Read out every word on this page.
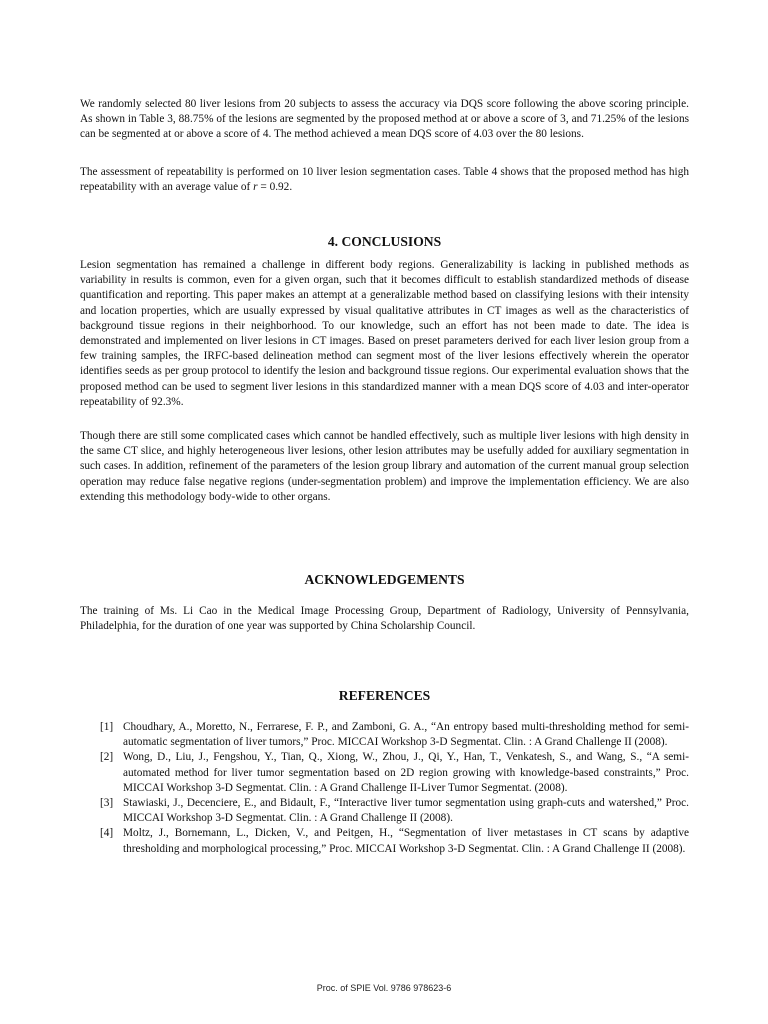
We randomly selected 80 liver lesions from 20 subjects to assess the accuracy via DQS score following the above scoring principle. As shown in Table 3, 88.75% of the lesions are segmented by the proposed method at or above a score of 3, and 71.25% of the lesions can be segmented at or above a score of 4. The method achieved a mean DQS score of 4.03 over the 80 lesions.

The assessment of repeatability is performed on 10 liver lesion segmentation cases. Table 4 shows that the proposed method has high repeatability with an average value of r = 0.92.

4. CONCLUSIONS

Lesion segmentation has remained a challenge in different body regions. Generalizability is lacking in published methods as variability in results is common, even for a given organ, such that it becomes difficult to establish standardized methods of disease quantification and reporting. This paper makes an attempt at a generalizable method based on classifying lesions with their intensity and location properties, which are usually expressed by visual qualitative attributes in CT images as well as the characteristics of background tissue regions in their neighborhood. To our knowledge, such an effort has not been made to date. The idea is demonstrated and implemented on liver lesions in CT images. Based on preset parameters derived for each liver lesion group from a few training samples, the IRFC-based delineation method can segment most of the liver lesions effectively wherein the operator identifies seeds as per group protocol to identify the lesion and background tissue regions. Our experimental evaluation shows that the proposed method can be used to segment liver lesions in this standardized manner with a mean DQS score of 4.03 and inter-operator repeatability of 92.3%.

Though there are still some complicated cases which cannot be handled effectively, such as multiple liver lesions with high density in the same CT slice, and highly heterogeneous liver lesions, other lesion attributes may be usefully added for auxiliary segmentation in such cases. In addition, refinement of the parameters of the lesion group library and automation of the current manual group selection operation may reduce false negative regions (under-segmentation problem) and improve the implementation efficiency. We are also extending this methodology body-wide to other organs.

ACKNOWLEDGEMENTS

The training of Ms. Li Cao in the Medical Image Processing Group, Department of Radiology, University of Pennsylvania, Philadelphia, for the duration of one year was supported by China Scholarship Council.

REFERENCES
[1] Choudhary, A., Moretto, N., Ferrarese, F. P., and Zamboni, G. A., “An entropy based multi-thresholding method for semi-automatic segmentation of liver tumors,” Proc. MICCAI Workshop 3-D Segmentat. Clin. : A Grand Challenge II (2008).
[2] Wong, D., Liu, J., Fengshou, Y., Tian, Q., Xiong, W., Zhou, J., Qi, Y., Han, T., Venkatesh, S., and Wang, S., “A semi-automated method for liver tumor segmentation based on 2D region growing with knowledge-based constraints,” Proc. MICCAI Workshop 3-D Segmentat. Clin. : A Grand Challenge II-Liver Tumor Segmentat. (2008).
[3] Stawiaski, J., Decenciere, E., and Bidault, F., “Interactive liver tumor segmentation using graph-cuts and watershed,” Proc. MICCAI Workshop 3-D Segmentat. Clin. : A Grand Challenge II (2008).
[4] Moltz, J., Bornemann, L., Dicken, V., and Peitgen, H., “Segmentation of liver metastases in CT scans by adaptive thresholding and morphological processing,” Proc. MICCAI Workshop 3-D Segmentat. Clin. : A Grand Challenge II (2008).
Proc. of SPIE Vol. 9786 978623-6
